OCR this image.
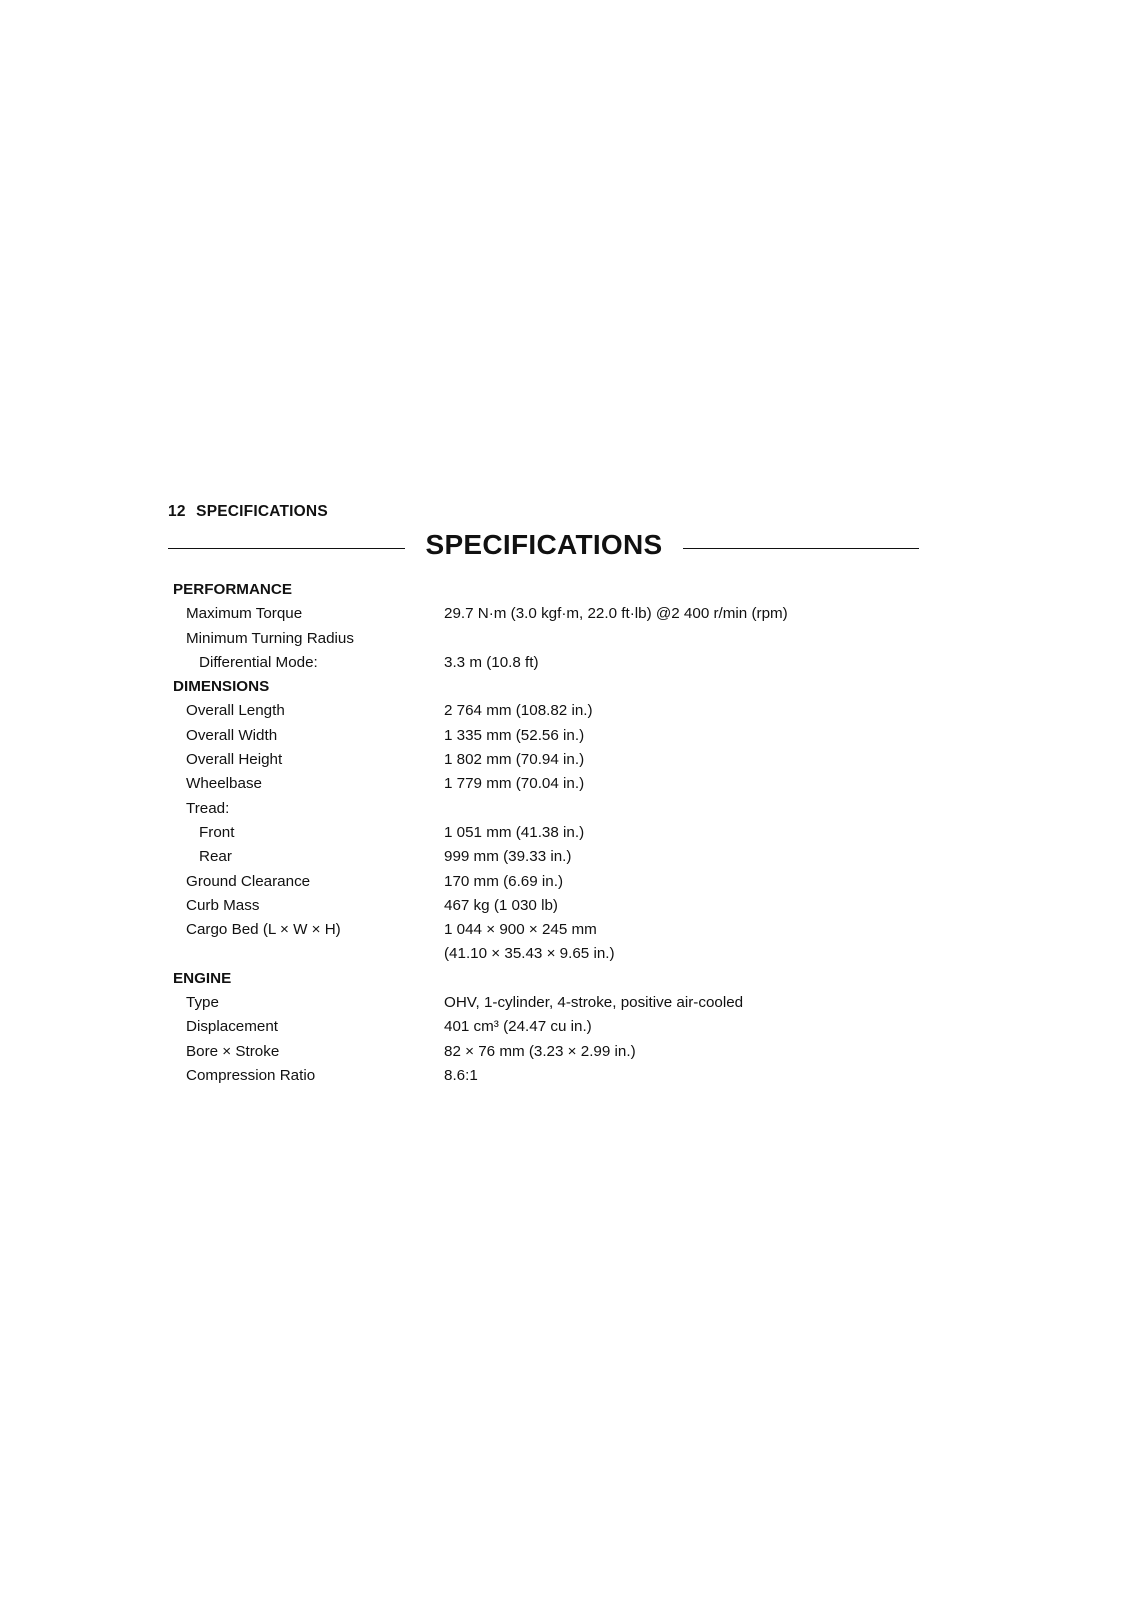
12 SPECIFICATIONS
SPECIFICATIONS
PERFORMANCE
Maximum Torque	29.7 N·m (3.0 kgf·m, 22.0 ft·lb) @2 400 r/min (rpm)
Minimum Turning Radius
Differential Mode:	3.3 m (10.8 ft)
DIMENSIONS
Overall Length	2 764 mm (108.82 in.)
Overall Width	1 335 mm (52.56 in.)
Overall Height	1 802 mm (70.94 in.)
Wheelbase	1 779 mm (70.04 in.)
Tread:
Front	1 051 mm (41.38 in.)
Rear	999 mm (39.33 in.)
Ground Clearance	170 mm (6.69 in.)
Curb Mass	467 kg (1 030 lb)
Cargo Bed (L × W × H)	1 044 × 900 × 245 mm
(41.10 × 35.43 × 9.65 in.)
ENGINE
Type	OHV, 1-cylinder, 4-stroke, positive air-cooled
Displacement	401 cm³ (24.47 cu in.)
Bore × Stroke	82 × 76 mm (3.23 × 2.99 in.)
Compression Ratio	8.6:1
